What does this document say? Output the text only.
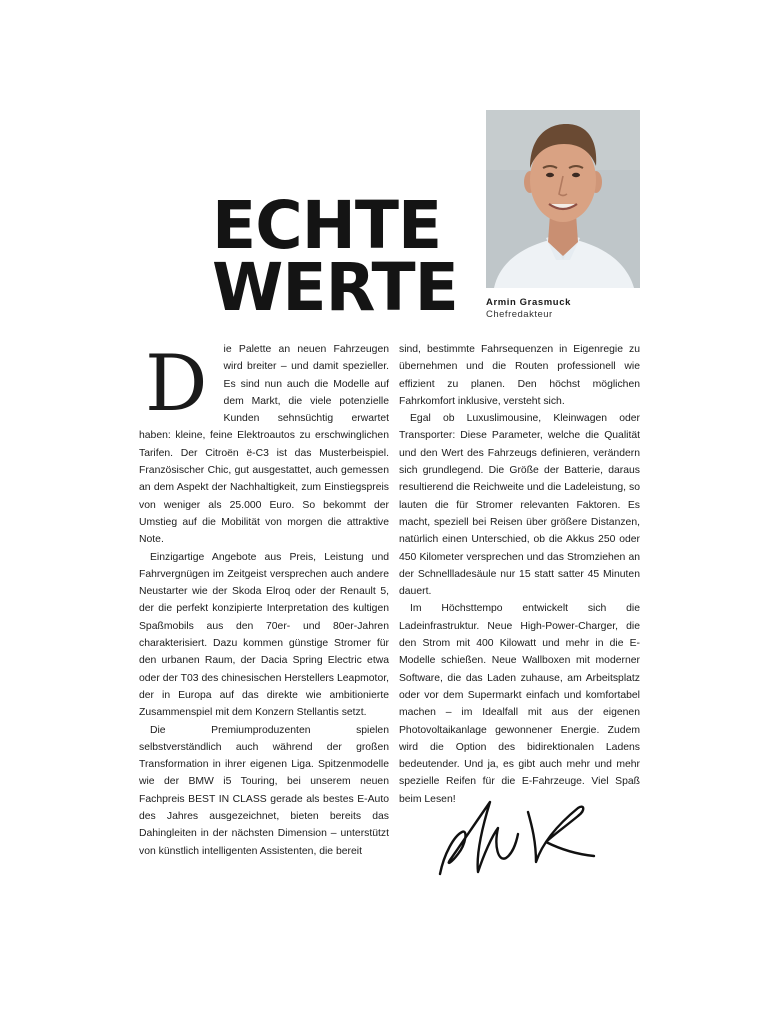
ECHTE
WERTE	Armin Grasmuck
Chefredakteur
D	ie Palette an neuen Fahrzeugen wird breiter – und damit spezieller. Es sind nun auch die Modelle auf dem Markt, die viele potenzielle Kunden sehnsüchtig erwartet haben: kleine, feine Elektroautos zu erschwinglichen Tarifen. Der Citroën ë-C3 ist das Musterbeispiel. Französischer Chic, gut ausgestattet, auch gemessen an dem Aspekt der Nachhaltigkeit, zum Einstiegspreis von weniger als 25.000 Euro. So bekommt der Umstieg auf die Mobilität von morgen die attraktive Note.

Einzigartige Angebote aus Preis, Leistung und Fahrvergnügen im Zeitgeist versprechen auch andere Neustarter wie der Skoda Elroq oder der Renault 5, der die perfekt konzipierte Interpretation des kultigen Spaßmobils aus den 70er- und 80er-Jahren charakterisiert. Dazu kommen günstige Stromer für den urbanen Raum, der Dacia Spring Electric etwa oder der T03 des chinesischen Herstellers Leapmotor, der in Europa auf das direkte wie ambitionierte Zusammenspiel mit dem Konzern Stellantis setzt.

Die Premiumproduzenten spielen selbstverständlich auch während der großen Transformation in ihrer eigenen Liga. Spitzenmodelle wie der BMW i5 Touring, bei unserem neuen Fachpreis BEST IN CLASS gerade als bestes E-Auto des Jahres ausgezeichnet, bieten bereits das Dahingleiten in der nächsten Dimension – unterstützt von künstlich intelligenten Assistenten, die bereit

sind, bestimmte Fahrsequenzen in Eigenregie zu übernehmen und die Routen professionell wie effizient zu planen. Den höchst möglichen Fahrkomfort inklusive, versteht sich.

Egal ob Luxuslimousine, Kleinwagen oder Transporter: Diese Parameter, welche die Qualität und den Wert des Fahrzeugs definieren, verändern sich grundlegend. Die Größe der Batterie, daraus resultierend die Reichweite und die Ladeleistung, so lauten die für Stromer relevanten Faktoren. Es macht, speziell bei Reisen über größere Distanzen, natürlich einen Unterschied, ob die Akkus 250 oder 450 Kilometer versprechen und das Stromziehen an der Schnellladesäule nur 15 statt satter 45 Minuten dauert.

Im Höchsttempo entwickelt sich die Ladeinfrastruktur. Neue High-Power-Charger, die den Strom mit 400 Kilowatt und mehr in die E-Modelle schießen. Neue Wallboxen mit moderner Software, die das Laden zuhause, am Arbeitsplatz oder vor dem Supermarkt einfach und komfortabel machen – im Idealfall mit aus der eigenen Photovoltaikanlage gewonnener Energie. Zudem wird die Option des bidirektionalen Ladens bedeutender. Und ja, es gibt auch mehr und mehr spezielle Reifen für die E-Fahrzeuge. Viel Spaß beim Lesen!
